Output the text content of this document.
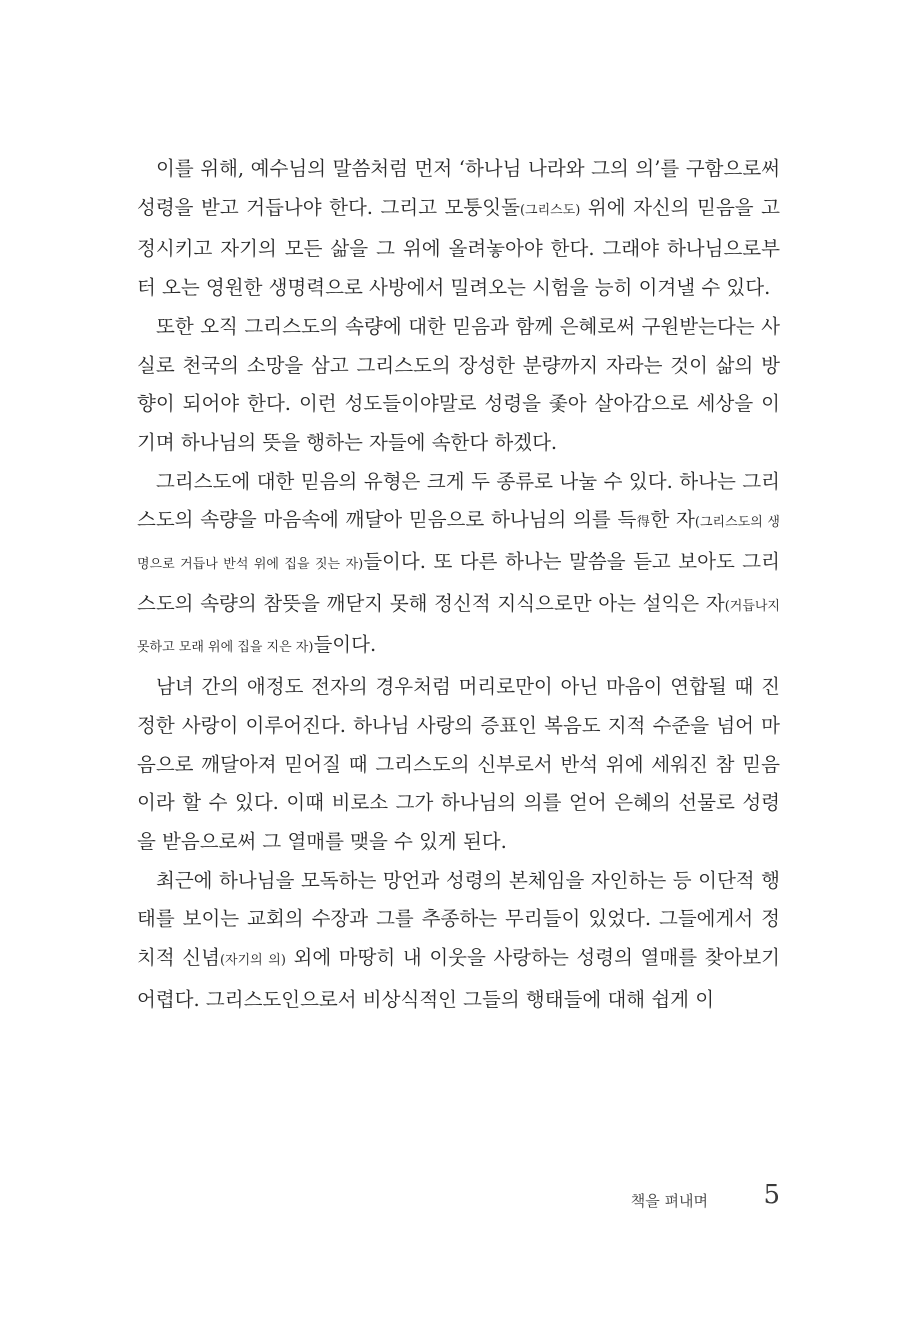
이를 위해, 예수님의 말씀처럼 먼저 ‘하나님 나라와 그의 의’를 구함으로써 성령을 받고 거듭나야 한다. 그리고 모퉁잇돌(그리스도) 위에 자신의 믿음을 고정시키고 자기의 모든 삶을 그 위에 올려놓아야 한다. 그래야 하나님으로부터 오는 영원한 생명력으로 사방에서 밀려오는 시험을 능히 이겨낼 수 있다.

또한 오직 그리스도의 속량에 대한 믿음과 함께 은혜로써 구원받는다는 사실로 천국의 소망을 삼고 그리스도의 장성한 분량까지 자라는 것이 삶의 방향이 되어야 한다. 이런 성도들이야말로 성령을 좇아 살아감으로 세상을 이기며 하나님의 뜻을 행하는 자들에 속한다 하겠다.

그리스도에 대한 믿음의 유형은 크게 두 종류로 나눌 수 있다. 하나는 그리스도의 속량을 마음속에 깨달아 믿음으로 하나님의 의를 득得한 자(그리스도의 생명으로 거듭나 반석 위에 집을 짓는 자)들이다. 또 다른 하나는 말씀을 듣고 보아도 그리스도의 속량의 참뜻을 깨닫지 못해 정신적 지식으로만 아는 설익은 자(거듭나지 못하고 모래 위에 집을 지은 자)들이다.

남녀 간의 애정도 전자의 경우처럼 머리로만이 아닌 마음이 연합될 때 진정한 사랑이 이루어진다. 하나님 사랑의 증표인 복음도 지적 수준을 넘어 마음으로 깨달아져 믿어질 때 그리스도의 신부로서 반석 위에 세워진 참 믿음이라 할 수 있다. 이때 비로소 그가 하나님의 의를 얻어 은혜의 선물로 성령을 받음으로써 그 열매를 맺을 수 있게 된다.

최근에 하나님을 모독하는 망언과 성령의 본체임을 자인하는 등 이단적 행태를 보이는 교회의 수장과 그를 추종하는 무리들이 있었다. 그들에게서 정치적 신념(자기의 의) 외에 마땅히 내 이웃을 사랑하는 성령의 열매를 찾아보기 어렵다. 그리스도인으로서 비상식적인 그들의 행태들에 대해 쉽게 이

책을 펴내며 5
